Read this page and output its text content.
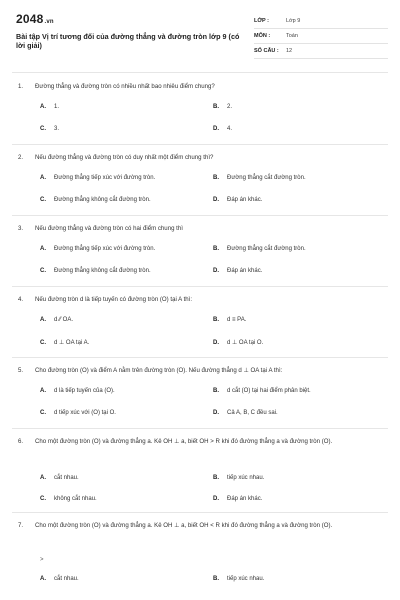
2048.vn
Bài tập Vị trí tương đối của đường thẳng và đường tròn lớp 9 (có lời giải)
LỚP :	Lớp 9
MÔN :	Toán
SỐ CÂU :	12
1.	Đường thẳng và đường tròn có nhiều nhất bao nhiêu điểm chung?
A. 1.	B. 2.
C. 3.	D. 4.
2.	Nếu đường thẳng và đường tròn có duy nhất một điểm chung thì?
A. Đường thẳng tiếp xúc với đường tròn.	B. Đường thẳng cắt đường tròn.
C. Đường thẳng không cắt đường tròn.	D. Đáp án khác.
3.	Nếu đường thẳng và đường tròn có hai điểm chung thì
A. Đường thẳng tiếp xúc với đường tròn.	B. Đường thẳng cắt đường tròn.
C. Đường thẳng không cắt đường tròn.	D. Đáp án khác.
4.	Nếu đường tròn d là tiếp tuyến có đường tròn (O) tại A thì:
A. d ⁄⁄ OA.	B. d ≡ PA.
C. d ⊥ OA tại A.	D. d ⊥ OA tại O.
5.	Cho đường tròn (O) và điểm A nằm trên đường tròn (O). Nếu đường thẳng d ⊥ OA tại A thì:
A. d là tiếp tuyến của (O).	B. d cắt (O) tại hai điểm phân biệt.
C. d tiếp xúc với (O) tại O.	D. Cả A, B, C đều sai.
6.	Cho một đường tròn (O) và đường thẳng a. Kẻ OH ⊥ a, biết OH > R khi đó đường thẳng a và đường tròn (O).
A. cắt nhau.	B. tiếp xúc nhau.
C. không cắt nhau.	D. Đáp án khác.
7.	Cho một đường tròn (O) và đường thẳng a. Kẻ OH ⊥ a, biết OH < R khi đó đường thẳng a và đường tròn (O).
>
A. cắt nhau.	B. tiếp xúc nhau.
